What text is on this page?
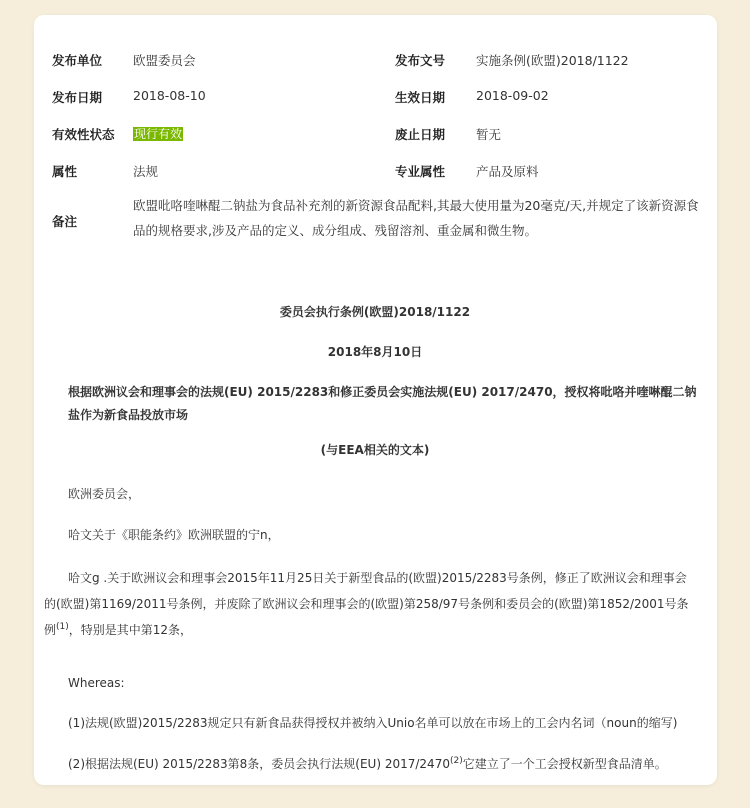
发布单位 欧盟委员会	发布文号 实施条例(欧盟)2018/1122
发布日期 2018-08-10	生效日期 2018-09-02
有效性状态 现行有效	废止日期 暂无
属性	法规	专业属性 产品及原料
备注
欧盟吡咯喹啉醌二钠盐为食品补充剂的新资源食品配料,其最大使用量为20毫克/天,并规定了该新资源食品的规格要求,涉及产品的定义、成分组成、残留溶剂、重金属和微生物。
委员会执行条例(欧盟)2018/1122
2018年8月10日
根据欧洲议会和理事会的法规(EU) 2015/2283和修正委员会实施法规(EU) 2017/2470，授权将吡咯并喹啉醌二钠盐作为新食品投放市场
(与EEA相关的文本)
欧洲委员会，
哈文关于《职能条约》欧洲联盟的宁n，
哈文g .关于欧洲议会和理事会2015年11月25日关于新型食品的(欧盟)2015/2283号条例，修正了欧洲议会和理事会的(欧盟)第1169/2011号条例，并废除了欧洲议会和理事会的(欧盟)第258/97号条例和委员会的(欧盟)第1852/2001号条例$^{(1)}$，特别是其中第12条，
Whereas:
(1)法规(欧盟)2015/2283规定只有新食品获得授权并被纳入Unio名单可以放在市场上的工会内名词（noun的缩写)
(2)根据法规(EU) 2015/2283第8条，委员会执行法规(EU) 2017/2470$^{(2)}$它建立了一个工会授权新型食品清单。
